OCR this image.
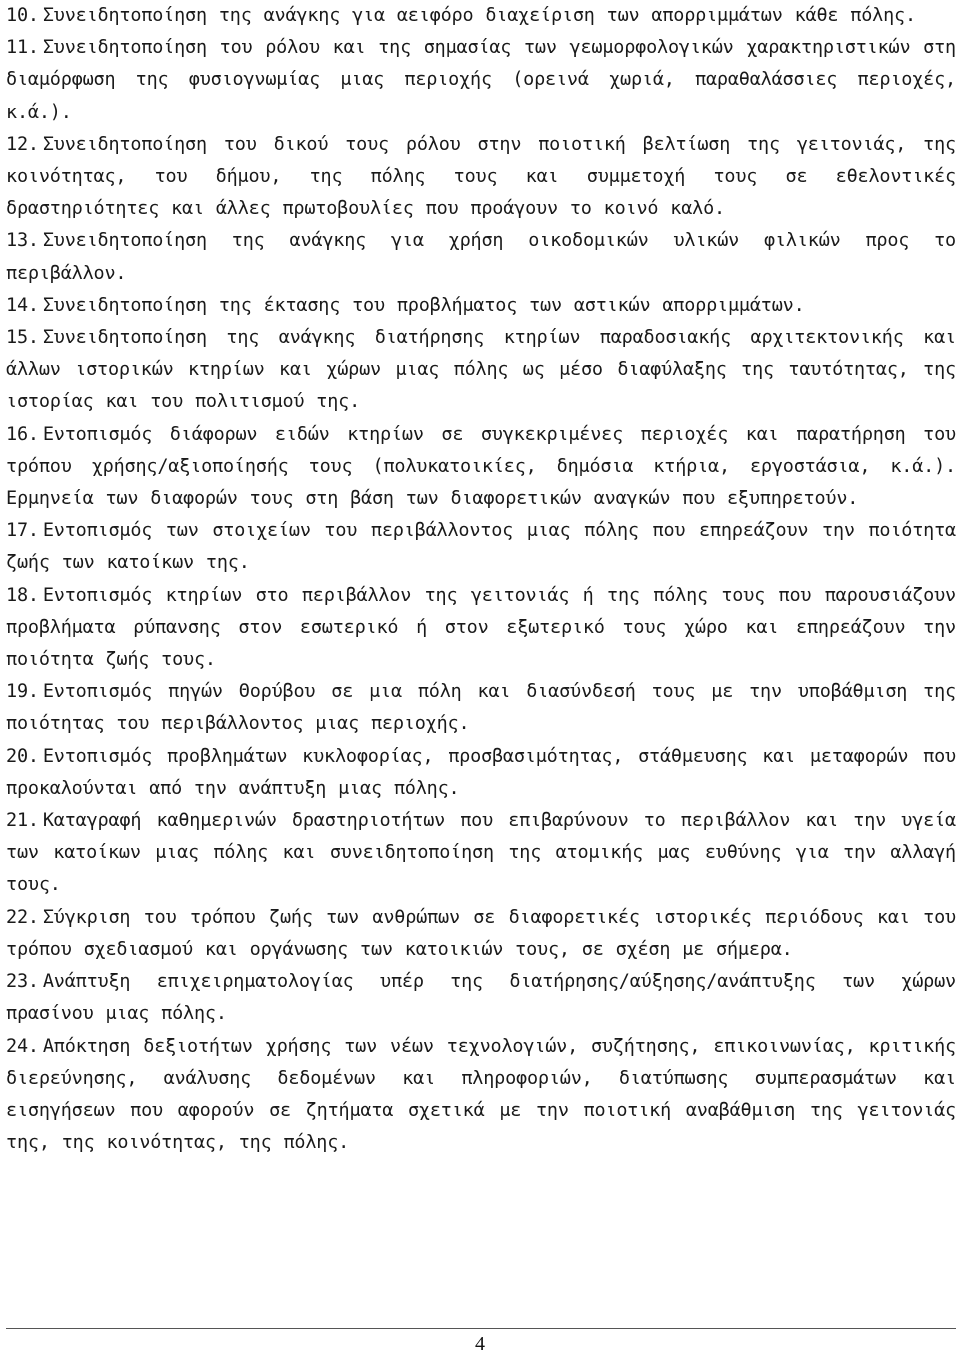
10. Συνειδητοποίηση της ανάγκης για αειφόρο διαχείριση των απορριμμάτων κάθε πόλης.

11. Συνειδητοποίηση του ρόλου και της σημασίας των γεωμορφολογικών χαρακτηριστικών στη διαμόρφωση της φυσιογνωμίας μιας περιοχής (ορεινά χωριά, παραθαλάσσιες περιοχές, κ.ά.).

12. Συνειδητοποίηση του δικού τους ρόλου στην ποιοτική βελτίωση της γειτονιάς, της κοινότητας, του δήμου, της πόλης τους και συμμετοχή τους σε εθελοντικές δραστηριότητες και άλλες πρωτοβουλίες που προάγουν το κοινό καλό.

13. Συνειδητοποίηση της ανάγκης για χρήση οικοδομικών υλικών φιλικών προς το περιβάλλον.

14. Συνειδητοποίηση της έκτασης του προβλήματος των αστικών απορριμμάτων.

15. Συνειδητοποίηση της ανάγκης διατήρησης κτηρίων παραδοσιακής αρχιτεκτονικής και άλλων ιστορικών κτηρίων και χώρων μιας πόλης ως μέσο διαφύλαξης της ταυτότητας, της ιστορίας και του πολιτισμού της.

16. Εντοπισμός διάφορων ειδών κτηρίων σε συγκεκριμένες περιοχές και παρατήρηση του τρόπου χρήσης/αξιοποίησής τους (πολυκατοικίες, δημόσια κτήρια, εργοστάσια, κ.ά.). Ερμηνεία των διαφορών τους στη βάση των διαφορετικών αναγκών που εξυπηρετούν.

17. Εντοπισμός των στοιχείων του περιβάλλοντος μιας πόλης που επηρεάζουν την ποιότητα ζωής των κατοίκων της.

18. Εντοπισμός κτηρίων στο περιβάλλον της γειτονιάς ή της πόλης τους που παρουσιάζουν προβλήματα ρύπανσης στον εσωτερικό ή στον εξωτερικό τους χώρο και επηρεάζουν την ποιότητα ζωής τους.

19. Εντοπισμός πηγών Θορύβου σε μια πόλη και διασύνδεσή τους με την υποβάθμιση της ποιότητας του περιβάλλοντος μιας περιοχής.

20. Εντοπισμός προβλημάτων κυκλοφορίας, προσβασιμότητας, στάθμευσης και μεταφορών που προκαλούνται από την ανάπτυξη μιας πόλης.

21. Καταγραφή καθημερινών δραστηριοτήτων που επιβαρύνουν το περιβάλλον και την υγεία των κατοίκων μιας πόλης και συνειδητοποίηση της ατομικής μας ευθύνης για την αλλαγή τους.

22. Σύγκριση του τρόπου ζωής των ανθρώπων σε διαφορετικές ιστορικές περιόδους και του τρόπου σχεδιασμού και οργάνωσης των κατοικιών τους, σε σχέση με σήμερα.

23. Ανάπτυξη επιχειρηματολογίας υπέρ της διατήρησης/αύξησης/ανάπτυξης των χώρων πρασίνου μιας πόλης.

24. Απόκτηση δεξιοτήτων χρήσης των νέων τεχνολογιών, συζήτησης, επικοινωνίας, κριτικής διερεύνησης, ανάλυσης δεδομένων και πληροφοριών, διατύπωσης συμπερασμάτων και εισηγήσεων που αφορούν σε ζητήματα σχετικά με την ποιοτική αναβάθμιση της γειτονιάς της, της κοινότητας, της πόλης.

4
